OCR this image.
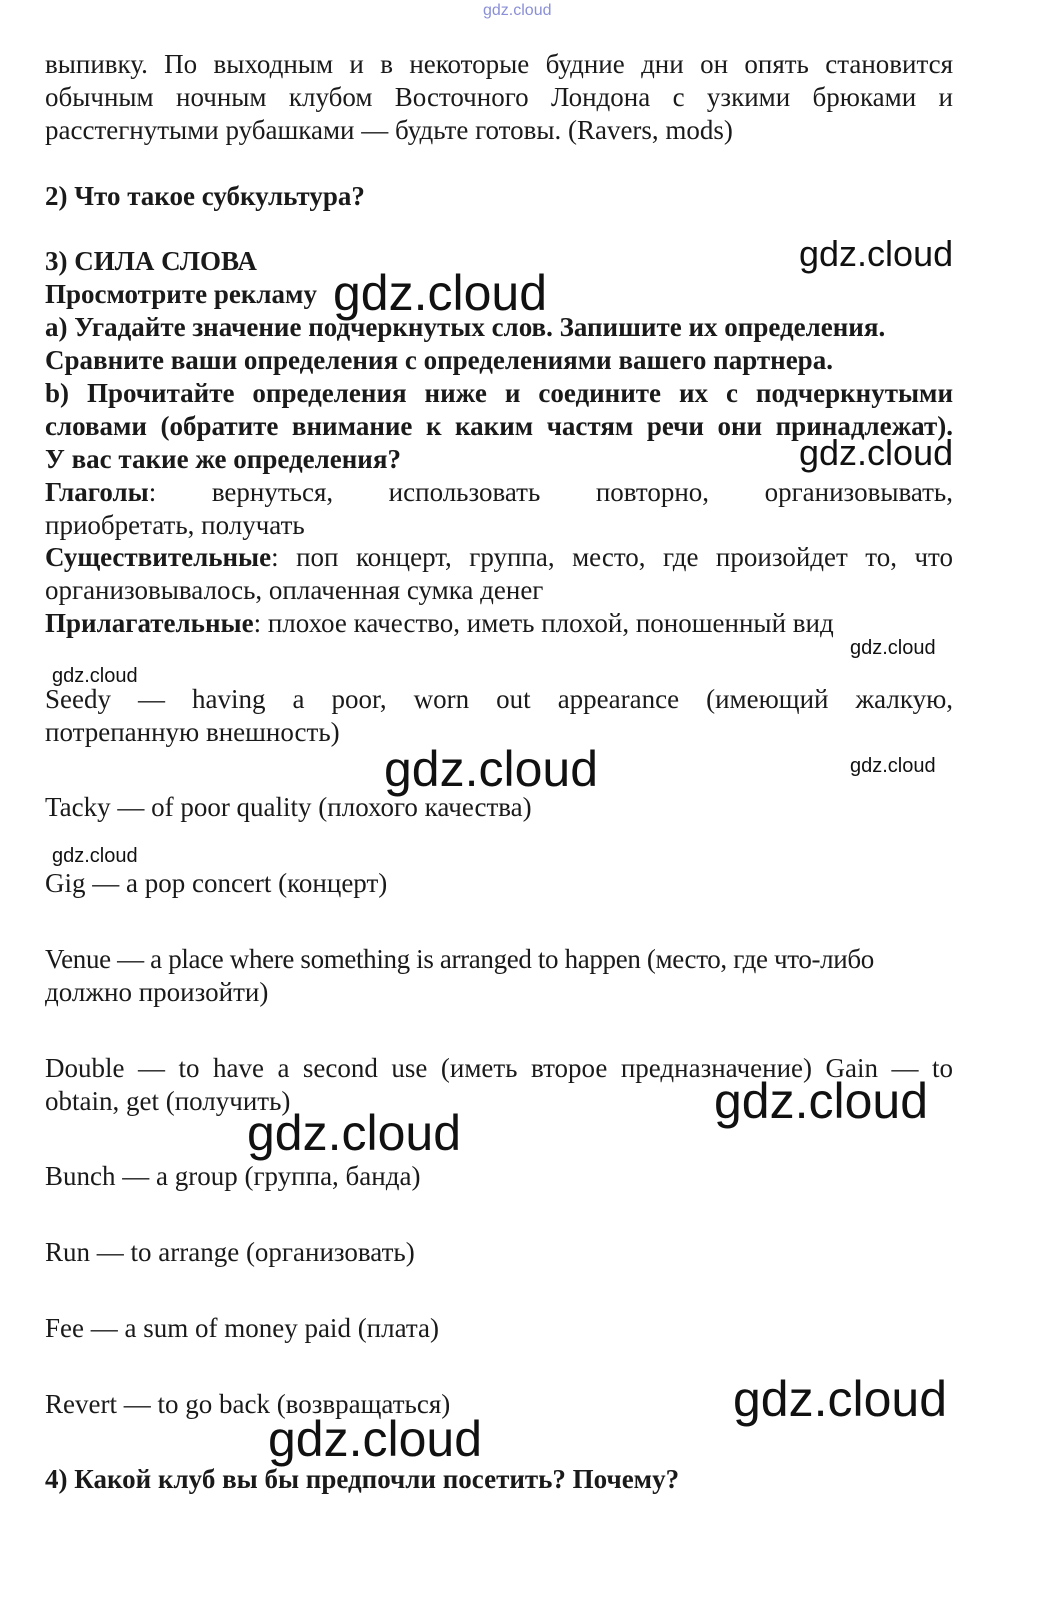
gdz.cloud
gdz.cloud
gdz.cloud
gdz.cloud
gdz.cloud
gdz.cloud
gdz.cloud	gdz.cloud
gdz.cloud
gdz.cloud
gdz.cloud
gdz.cloud
gdz.cloud
выпивку. По выходным и в некоторые будние дни он опять становится
обычным ночным клубом Восточного Лондона с узкими брюками и
расстегнутыми рубашками — будьте готовы. (Ravers, mods)
2) Что такое субкультура?
3) СИЛА СЛОВА
Просмотрите рекламу
a) Угадайте значение подчеркнутых слов. Запишите их определения.
Сравните ваши определения с определениями вашего партнера.
b) Прочитайте определения ниже и соедините их с подчеркнутыми
словами (обратите внимание к каким частям речи они принадлежат).
У вас такие же определения?
Глаголы : вернуться, использовать повторно, организовывать,
приобретать, получать
Существительные : поп концерт, группа, место, где произойдет то, что
организовывалось, оплаченная сумка денег
Прилагательные: плохое качество, иметь плохой, поношенный вид
Seedy — having a poor, worn out appearance (имеющий жалкую,
потрепанную внешность)
Tacky — of poor quality (плохого качества)
Gig — a pop concert (концерт)
Venue — a place where something is arranged to happen (место, где что-либо
должно произойти)
Double — to have a second use (иметь второе предназначение) Gain — to
obtain, get (получить)
Bunch — a group (группа, банда)
Run — to arrange (организовать)
Fee — a sum of money paid (плата)
Revert — to go back (возвращаться)
4) Какой клуб вы бы предпочли посетить? Почему?
